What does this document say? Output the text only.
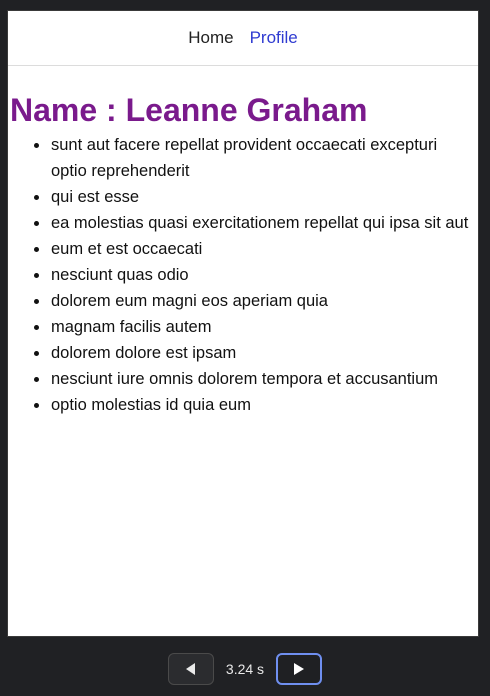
Home Profile
Name : Leanne Graham
sunt aut facere repellat provident occaecati excepturi optio reprehenderit
qui est esse
ea molestias quasi exercitationem repellat qui ipsa sit aut
eum et est occaecati
nesciunt quas odio
dolorem eum magni eos aperiam quia
magnam facilis autem
dolorem dolore est ipsam
nesciunt iure omnis dolorem tempora et accusantium
optio molestias id quia eum
3.24 s
